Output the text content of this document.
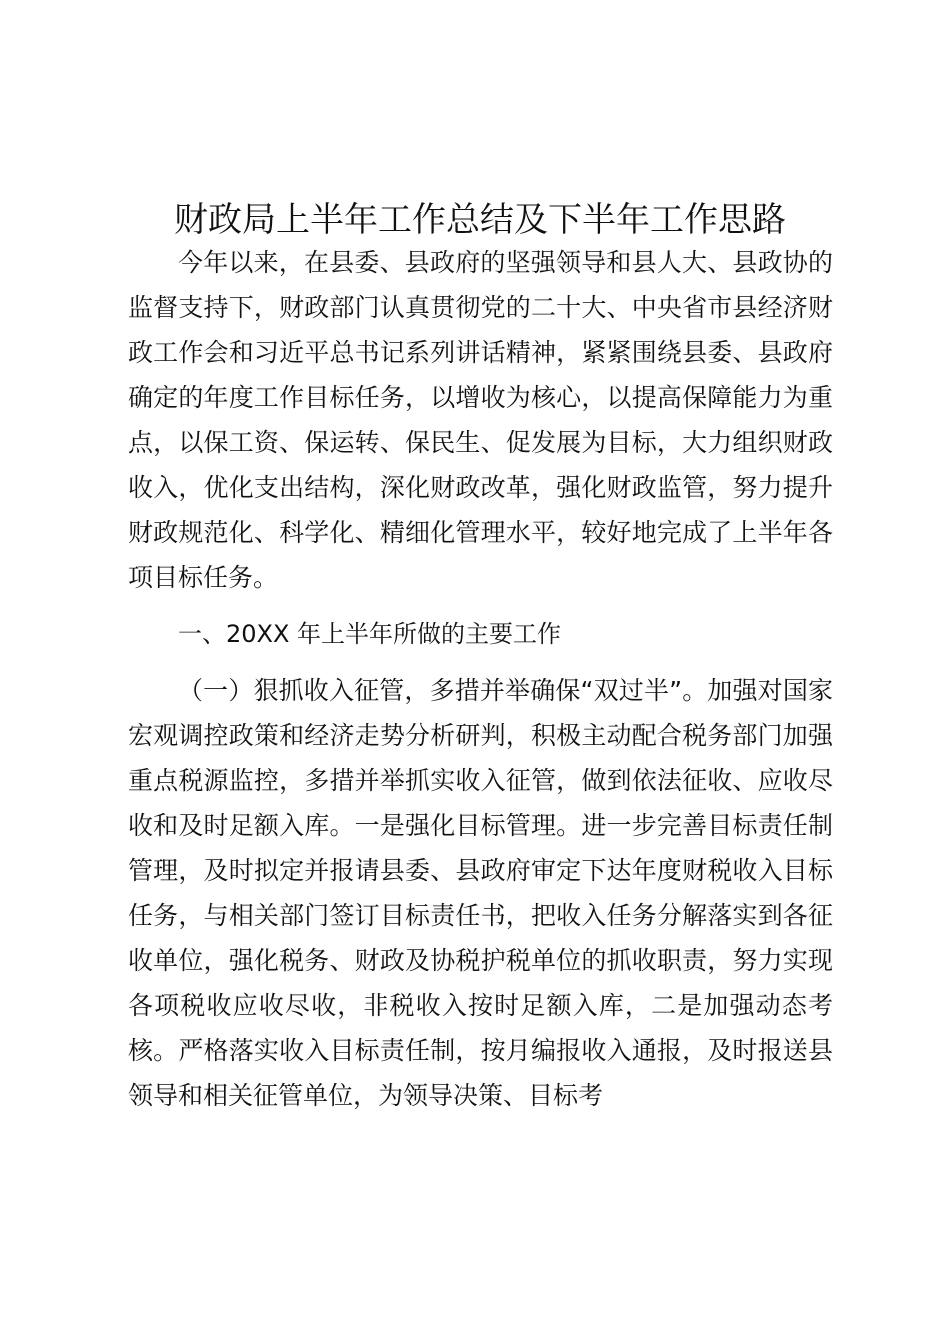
财政局上半年工作总结及下半年工作思路

今年以来，在县委、县政府的坚强领导和县人大、县政协的监督支持下，财政部门认真贯彻党的二十大、中央省市县经济财政工作会和习近平总书记系列讲话精神，紧紧围绕县委、县政府确定的年度工作目标任务，以增收为核心，以提高保障能力为重点，以保工资、保运转、保民生、促发展为目标，大力组织财政收入，优化支出结构，深化财政改革，强化财政监管，努力提升财政规范化、科学化、精细化管理水平，较好地完成了上半年各项目标任务。

一、20XX 年上半年所做的主要工作

（一）狠抓收入征管，多措并举确保“双过半”。加强对国家宏观调控政策和经济走势分析研判，积极主动配合税务部门加强重点税源监控，多措并举抓实收入征管，做到依法征收、应收尽收和及时足额入库。一是强化目标管理。进一步完善目标责任制管理，及时拟定并报请县委、县政府审定下达年度财税收入目标任务，与相关部门签订目标责任书，把收入任务分解落实到各征收单位，强化税务、财政及协税护税单位的抓收职责，努力实现各项税收应收尽收，非税收入按时足额入库，二是加强动态考核。严格落实收入目标责任制，按月编报收入通报，及时报送县领导和相关征管单位，为领导决策、目标考
